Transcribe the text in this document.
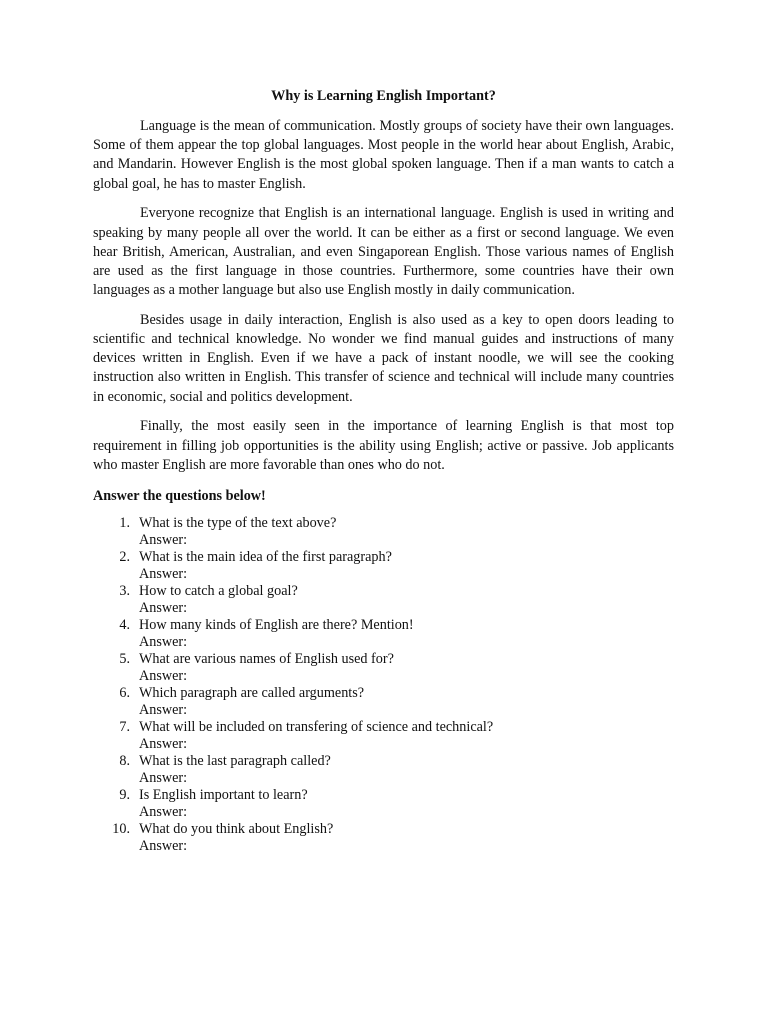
Why is Learning English Important?

Language is the mean of communication. Mostly groups of society have their own languages. Some of them appear the top global languages. Most people in the world hear about English, Arabic, and Mandarin. However English is the most global spoken language. Then if a man wants to catch a global goal, he has to master English.

Everyone recognize that English is an international language. English is used in writing and speaking by many people all over the world. It can be either as a first or second language. We even hear British, American, Australian, and even Singaporean English. Those various names of English are used as the first language in those countries. Furthermore, some countries have their own languages as a mother language but also use English mostly in daily communication.

Besides usage in daily interaction, English is also used as a key to open doors leading to scientific and technical knowledge. No wonder we find manual guides and instructions of many devices written in English. Even if we have a pack of instant noodle, we will see the cooking instruction also written in English. This transfer of science and technical will include many countries in economic, social and politics development.

Finally, the most easily seen in the importance of learning English is that most top requirement in filling job opportunities is the ability using English; active or passive. Job applicants who master English are more favorable than ones who do not.

Answer the questions below!
1. What is the type of the text above?
Answer:
2. What is the main idea of the first paragraph?
Answer:
3. How to catch a global goal?
Answer:
4. How many kinds of English are there? Mention!
Answer:
5. What are various names of English used for?
Answer:
6. Which paragraph are called arguments?
Answer:
7. What will be included on transfering of science and technical?
Answer:
8. What is the last paragraph called?
Answer:
9. Is English important to learn?
Answer:
10. What do you think about English?
Answer:
